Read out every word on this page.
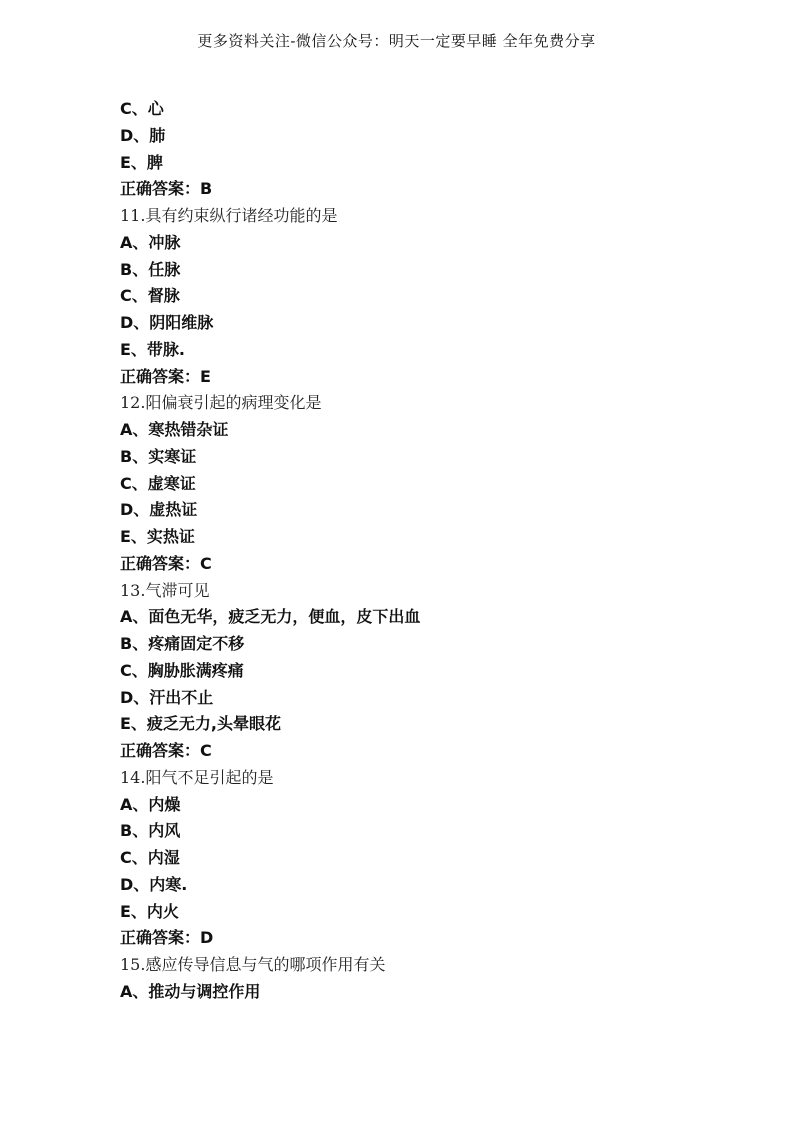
更多资料关注-微信公众号：明天一定要早睡 全年免费分享
C、心
D、肺
E、脾
正确答案：B
11.具有约束纵行诸经功能的是
A、冲脉
B、任脉
C、督脉
D、阴阳维脉
E、带脉.
正确答案：E
12.阳偏衰引起的病理变化是
A、寒热错杂证
B、实寒证
C、虚寒证
D、虚热证
E、实热证
正确答案：C
13.气滞可见
A、面色无华，疲乏无力，便血，皮下出血
B、疼痛固定不移
C、胸胁胀满疼痛
D、汗出不止
E、疲乏无力,头晕眼花
正确答案：C
14.阳气不足引起的是
A、内燥
B、内风
C、内湿
D、内寒.
E、内火
正确答案：D
15.感应传导信息与气的哪项作用有关
A、推动与调控作用
